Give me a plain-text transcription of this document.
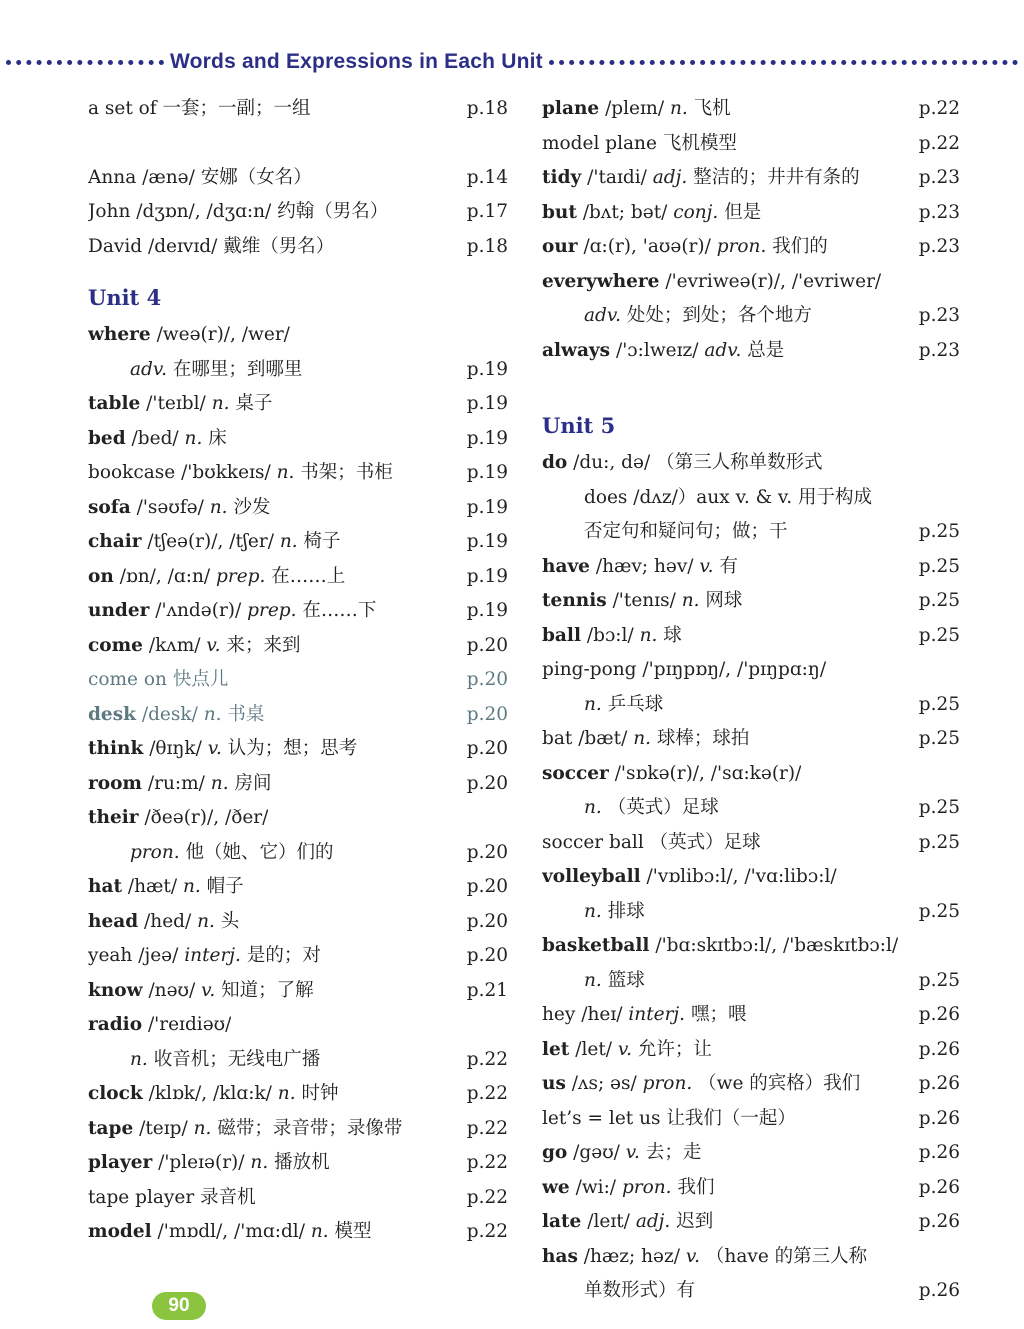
Words and Expressions in Each Unit
a set of 一套；一副；一组	p.18
Anna /ænə/ 安娜（女名）	p.14
John /dʒɒn/, /dʒɑ:n/ 约翰（男名）	p.17
David /deɪvɪd/ 戴维（男名）	p.18
Unit 4
where /weə(r)/, /wer/
adv. 在哪里；到哪里	p.19
table /'teɪbl/ n. 桌子	p.19
bed /bed/ n. 床	p.19
bookcase /'bʊkkeɪs/ n. 书架；书柜	p.19
sofa /'səʊfə/ n. 沙发	p.19
chair /tʃeə(r)/, /tʃer/ n. 椅子	p.19
on /ɒn/, /ɑ:n/ prep. 在……上	p.19
under /'ʌndə(r)/ prep. 在……下	p.19
come /kʌm/ v. 来；来到	p.20
come on 快点儿	p.20
desk /desk/ n. 书桌	p.20
think /θɪŋk/ v. 认为；想；思考	p.20
room /ru:m/ n. 房间	p.20
their /ðeə(r)/, /ðer/
pron. 他（她、它）们的	p.20
hat /hæt/ n. 帽子	p.20
head /hed/ n. 头	p.20
yeah /jeə/ interj. 是的；对	p.20
know /nəʊ/ v. 知道；了解	p.21
radio /'reɪdiəʊ/
n. 收音机；无线电广播	p.22
clock /klɒk/, /klɑ:k/ n. 时钟	p.22
tape /teɪp/ n. 磁带；录音带；录像带	p.22
player /'pleɪə(r)/ n. 播放机	p.22
tape player 录音机	p.22
model /'mɒdl/, /'mɑ:dl/ n. 模型	p.22
plane /pleɪn/ n. 飞机	p.22
model plane 飞机模型	p.22
tidy /'taɪdi/ adj. 整洁的；井井有条的	p.23
but /bʌt; bət/ conj. 但是	p.23
our /ɑ:(r), 'aʊə(r)/ pron. 我们的	p.23
everywhere /'evriweə(r)/, /'evriwer/
adv. 处处；到处；各个地方	p.23
always /'ɔ:lweɪz/ adv. 总是	p.23
Unit 5
do /du:, də/ （第三人称单数形式
does /dʌz/）aux v. & v. 用于构成
否定句和疑问句；做；干	p.25
have /hæv; həv/ v. 有	p.25
tennis /'tenɪs/ n. 网球	p.25
ball /bɔ:l/ n. 球	p.25
ping-pong /'pɪŋpɒŋ/, /'pɪŋpɑ:ŋ/
n. 乒乓球	p.25
bat /bæt/ n. 球棒；球拍	p.25
soccer /'sɒkə(r)/, /'sɑ:kə(r)/
n. （英式）足球	p.25
soccer ball （英式）足球	p.25
volleyball /'vɒlibɔ:l/, /'vɑ:libɔ:l/
n. 排球	p.25
basketball /'bɑ:skɪtbɔ:l/, /'bæskɪtbɔ:l/
n. 篮球	p.25
hey /heɪ/ interj. 嘿；喂	p.26
let /let/ v. 允许；让	p.26
us /ʌs; əs/ pron. （we 的宾格）我们	p.26
let’s = let us 让我们（一起）	p.26
go /gəʊ/ v. 去；走	p.26
we /wi:/ pron. 我们	p.26
late /leɪt/ adj. 迟到	p.26
has /hæz; həz/ v. （have 的第三人称
单数形式）有	p.26
90
